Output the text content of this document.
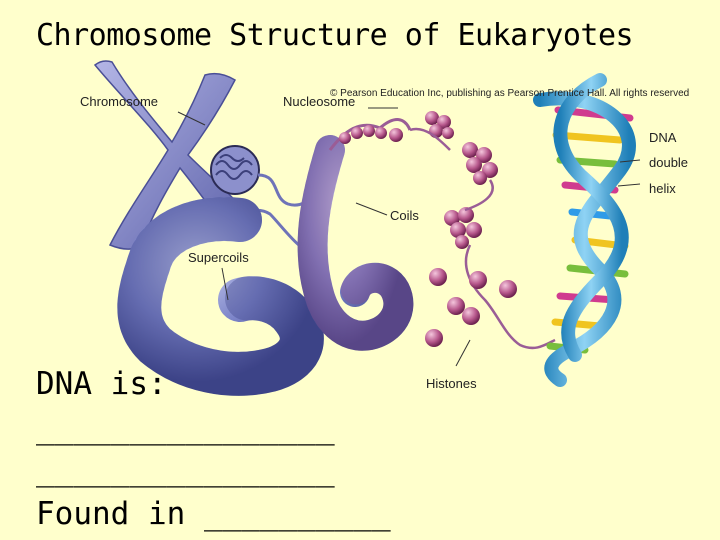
Chromosome Structure of Eukaryotes
© Pearson Education Inc, publishing as Pearson Prentice Hall. All rights reserved
Chromosome	Nucleosome
DNA
double
helix
Coils
Supercoils
Histones
DNA is:
________________
________________
Found in __________
